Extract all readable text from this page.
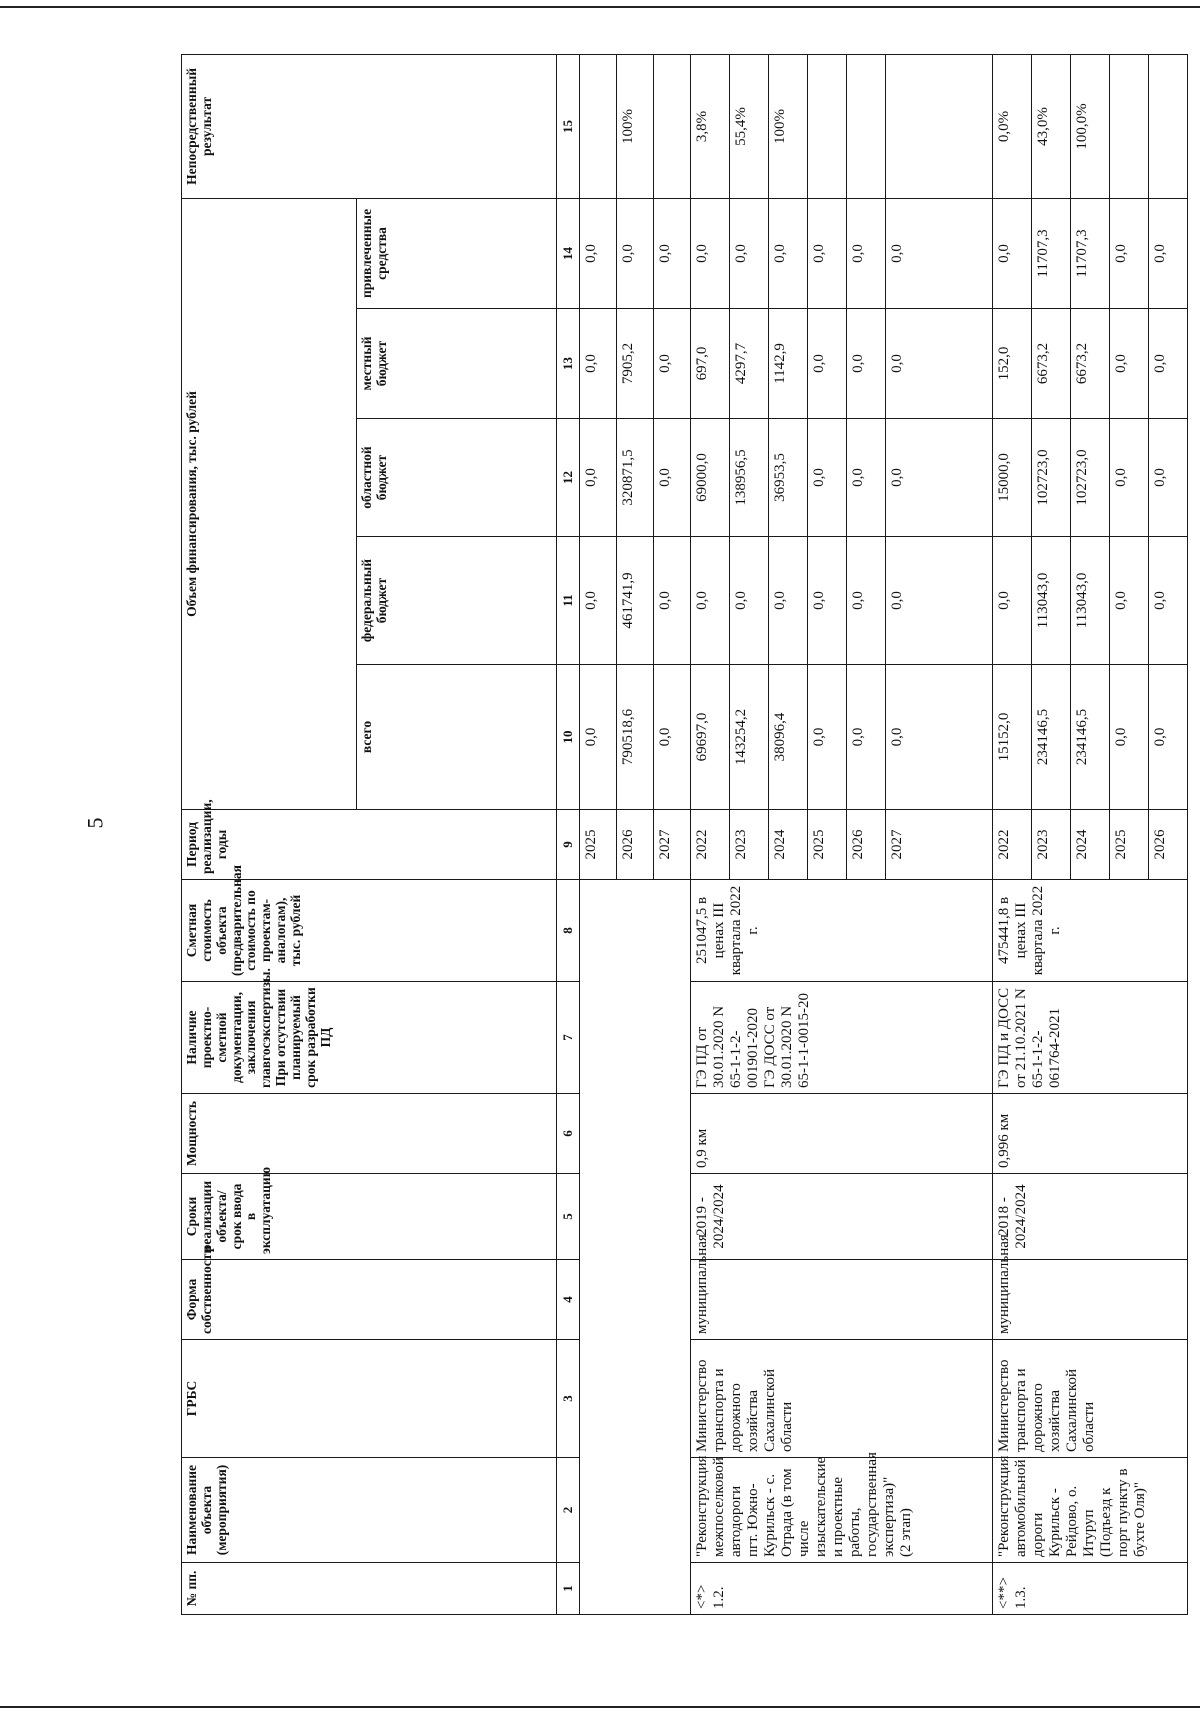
5
№ пп.	Наименование объекта (мероприятия)	ГРБС	Форма собственности	Сроки реализации объекта/срок ввода в эксплуатацию	Мощность	Наличие проектно-сметной документации, заключения главгосэкспертизы. При отсутствии планируемый срок разработки ПД	Сметная стоимость объекта (предварительная стоимость по проектам-аналогам), тыс. рублей	Период реализации, годы	Объем финансирования, тыс. рублей					Непосредственный результат
									всего	федеральный бюджет	областной бюджет	местный бюджет	привлеченные средства	
1	2	3	4	5	6	7	8	9	10	11	12	13	14	15
								2025	0,0	0,0	0,0	0,0	0,0	
								2026	790518,6	461741,9	320871,5	7905,2	0,0	100%
								2027	0,0	0,0	0,0	0,0	0,0	
<*> 1.2.	"Реконструкция межпоселковой автодороги пгт. Южно-Курильск - с. Отрада (в том числе изыскательские и проектные работы, государственная экспертиза)" (2 этап)	Министерство транспорта и дорожного хозяйства Сахалинской области	муниципальная	2019 - 2024/2024	0,9 км	ГЭ ПД от 30.01.2020 N 65-1-1-2-001901-2020 ГЭ ДОСС от 30.01.2020 N 65-1-1-0015-20	251047,5 в ценах III квартала 2022 г.	2022	69697,0	0,0	69000,0	697,0	0,0	3,8%
								2023	143254,2	0,0	138956,5	4297,7	0,0	55,4%
								2024	38096,4	0,0	36953,5	1142,9	0,0	100%
								2025	0,0	0,0	0,0	0,0	0,0	
								2026	0,0	0,0	0,0	0,0	0,0	
								2027	0,0	0,0	0,0	0,0	0,0	
<**> 1.3.	"Реконструкция автомобильной дороги Курильск - Рейдово, о. Итуруп (Подъезд к порт пункту в бухте Оля)"	Министерство транспорта и дорожного хозяйства Сахалинской области	муниципальная	2018 - 2024/2024	0,996 км	ГЭ ПД и ДОСС от 21.10.2021 N 65-1-1-2-061764-2021	475441,8 в ценах III квартала 2022 г.	2022	15152,0	0,0	15000,0	152,0	0,0	0,0%
								2023	234146,5	113043,0	102723,0	6673,2	11707,3	43,0%
								2024	234146,5	113043,0	102723,0	6673,2	11707,3	100,0%
								2025	0,0	0,0	0,0	0,0	0,0	
								2026	0,0	0,0	0,0	0,0	0,0	
